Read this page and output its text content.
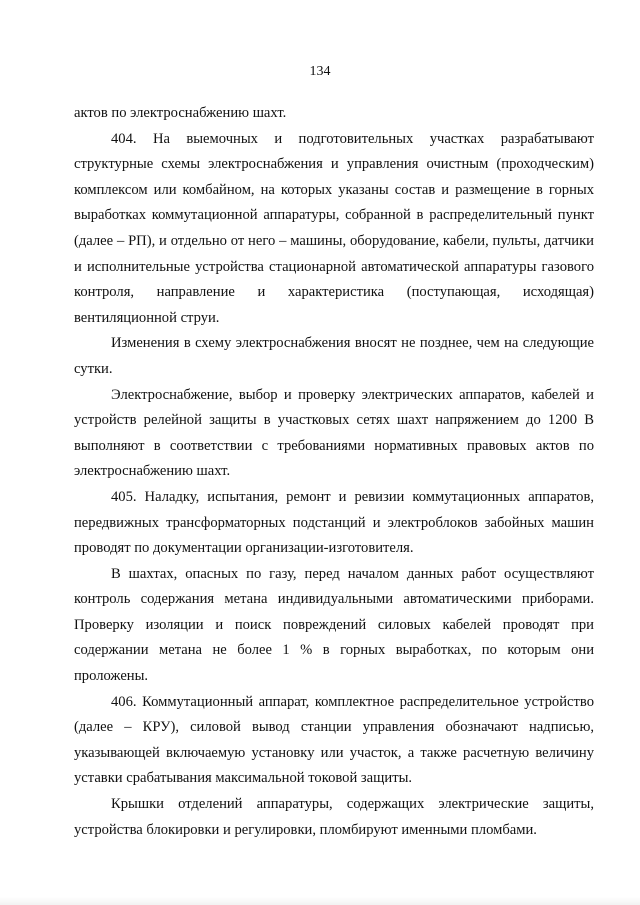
134

актов по электроснабжению шахт.

404. На выемочных и подготовительных участках разрабатывают структурные схемы электроснабжения и управления очистным (проходческим) комплексом или комбайном, на которых указаны состав и размещение в горных выработках коммутационной аппаратуры, собранной в распределительный пункт (далее – РП), и отдельно от него – машины, оборудование, кабели, пульты, датчики и исполнительные устройства стационарной автоматической аппаратуры газового контроля, направление и характеристика (поступающая, исходящая) вентиляционной струи.

Изменения в схему электроснабжения вносят не позднее, чем на следующие сутки.

Электроснабжение, выбор и проверку электрических аппаратов, кабелей и устройств релейной защиты в участковых сетях шахт напряжением до 1200 В выполняют в соответствии с требованиями нормативных правовых актов по электроснабжению шахт.

405. Наладку, испытания, ремонт и ревизии коммутационных аппаратов, передвижных трансформаторных подстанций и электроблоков забойных машин проводят по документации организации-изготовителя.

В шахтах, опасных по газу, перед началом данных работ осуществляют контроль содержания метана индивидуальными автоматическими приборами. Проверку изоляции и поиск повреждений силовых кабелей проводят при содержании метана не более 1 % в горных выработках, по которым они проложены.

406. Коммутационный аппарат, комплектное распределительное устройство (далее – КРУ), силовой вывод станции управления обозначают надписью, указывающей включаемую установку или участок, а также расчетную величину уставки срабатывания максимальной токовой защиты.

Крышки отделений аппаратуры, содержащих электрические защиты, устройства блокировки и регулировки, пломбируют именными пломбами.
